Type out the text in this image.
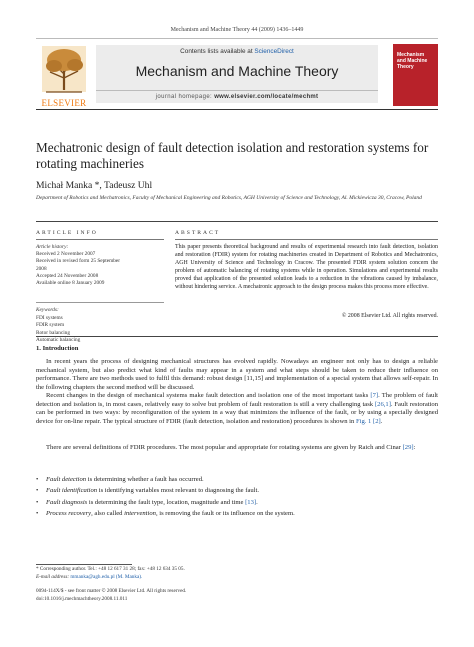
Mechanism and Machine Theory 44 (2009) 1436–1449
ELSEVIER
Contents lists available at ScienceDirect
Mechanism and Machine Theory
journal homepage: www.elsevier.com/locate/mechmt
Mechanism
and Machine
Theory
Mechatronic design of fault detection isolation and restoration systems for rotating machineries
Michał Manka *, Tadeusz Uhl
Department of Robotics and Mechatronics, Faculty of Mechanical Engineering and Robotics, AGH University of Science and Technology, Al. Mickiewicza 30, Cracow, Poland
ARTICLE INFO	ABSTRACT
Article history:
Received 2 November 2007
Received in revised form 25 September
2008
Accepted 24 November 2008
Available online 8 January 2009
Keywords:
FDI systems
FDIR system
Rotor balancing
Automatic balancing
This paper presents theoretical background and results of experimental research into fault detection, isolation and restoration (FDIR) system for rotating machineries created in Department of Robotics and Mechatronics, AGH University of Science and Technology in Cracow. The presented FDIR system solution concern the problem of automatic balancing of rotating systems while in operation. Simulations and experimental results proved that application of the presented solution leads to a reduction in the vibrations caused by imbalance, without hindering service. A mechatronic approach to the design process makes this process more effective.
© 2008 Elsevier Ltd. All rights reserved.
1. Introduction
In recent years the process of designing mechanical structures has evolved rapidly. Nowadays an engineer not only has to design a reliable mechanical system, but also predict what kind of faults may appear in a system and what steps should be taken to reduce their influence on performance. There are two methods used to fulfil this demand: robust design [11,15] and implementation of a special system that allows self-repair. In the following chapters the second method will be discussed.
Recent changes in the design of mechanical systems make fault detection and isolation one of the most important tasks [7]. The problem of fault detection and isolation is, in most cases, relatively easy to solve but problem of fault restoration is still a very challenging task [26,1]. Fault restoration can be performed in two ways: by reconfiguration of the system in a way that minimizes the influence of the fault, or by using a specially designed device for on-line repair. The typical structure of FDIR (fault detection, isolation and restoration) procedures is shown in Fig. 1 [2].
There are several definitions of FDIR procedures. The most popular and appropriate for rotating systems are given by Raich and Cinar [29]:
• Fault detection is determining whether a fault has occurred.
• Fault identification is identifying variables most relevant to diagnosing the fault.
• Fault diagnosis is determining the fault type, location, magnitude and time [13].
• Process recovery, also called intervention, is removing the fault or its influence on the system.
* Corresponding author. Tel.: +48 12 617 31 28; fax: +48 12 634 35 05.
E-mail address: mmanka@agh.edu.pl (M. Manka).
0094-114X/$ - see front matter © 2008 Elsevier Ltd. All rights reserved.
doi:10.1016/j.mechmachtheory.2008.11.011
